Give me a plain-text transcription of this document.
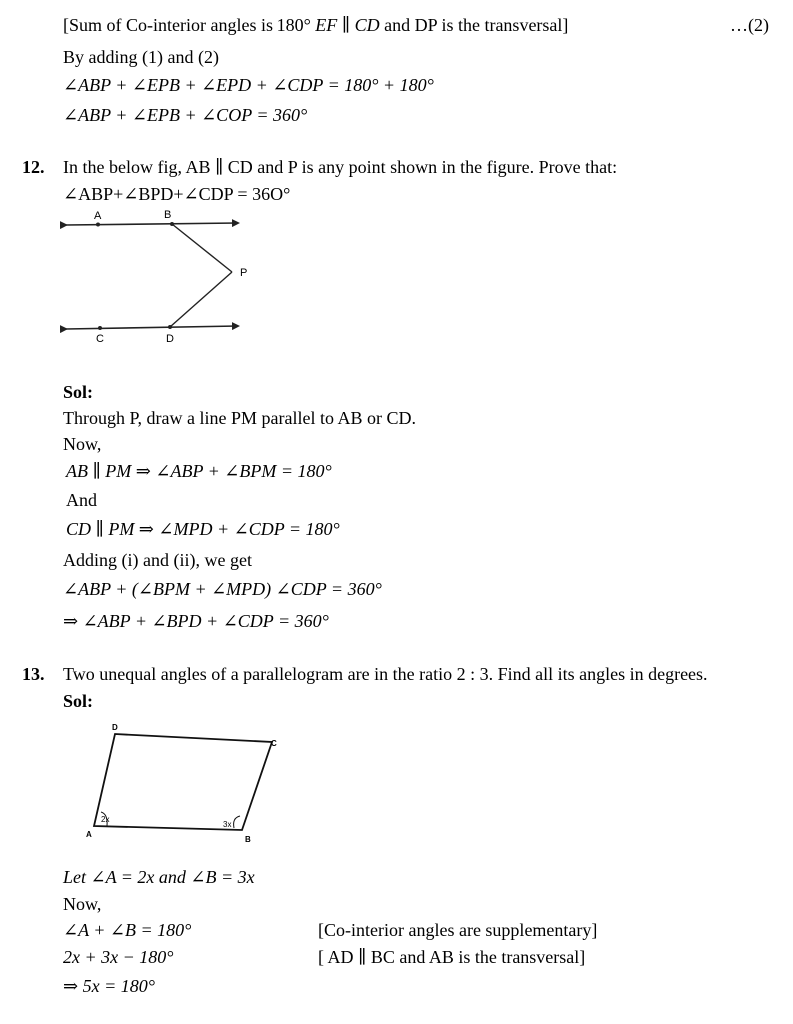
[Sum of Co-interior angles is 180° EF ∥ CD and DP is the transversal]	…(2)
By adding (1) and (2)
∠ABP + ∠EPB + ∠EPD + ∠CDP = 180° + 180°
∠ABP + ∠EPB + ∠COP = 360°
12. In the below fig, AB ∥ CD and P is any point shown in the figure. Prove that:
∠ABP+∠BPD+∠CDP = 36O°
A	B
P
C	D
Sol:
Through P, draw a line PM parallel to AB or CD.
Now,
AB ∥ PM ⇒ ∠ABP + ∠BPM = 180°
And
CD ∥ PM ⇒ ∠MPD + ∠CDP = 180°
Adding (i) and (ii), we get
∠ABP + (∠BPM + ∠MPD) ∠CDP = 360°
⇒ ∠ABP + ∠BPD + ∠CDP = 360°
13. Two unequal angles of a parallelogram are in the ratio 2 : 3. Find all its angles in degrees.
Sol:
D
C
A
B
2x
3x
Let ∠A = 2x and ∠B = 3x
Now,
∠A + ∠B = 180°	[Co-interior angles are supplementary]
2x + 3x − 180°	[ AD ∥ BC and AB is the transversal]
⇒ 5x = 180°
